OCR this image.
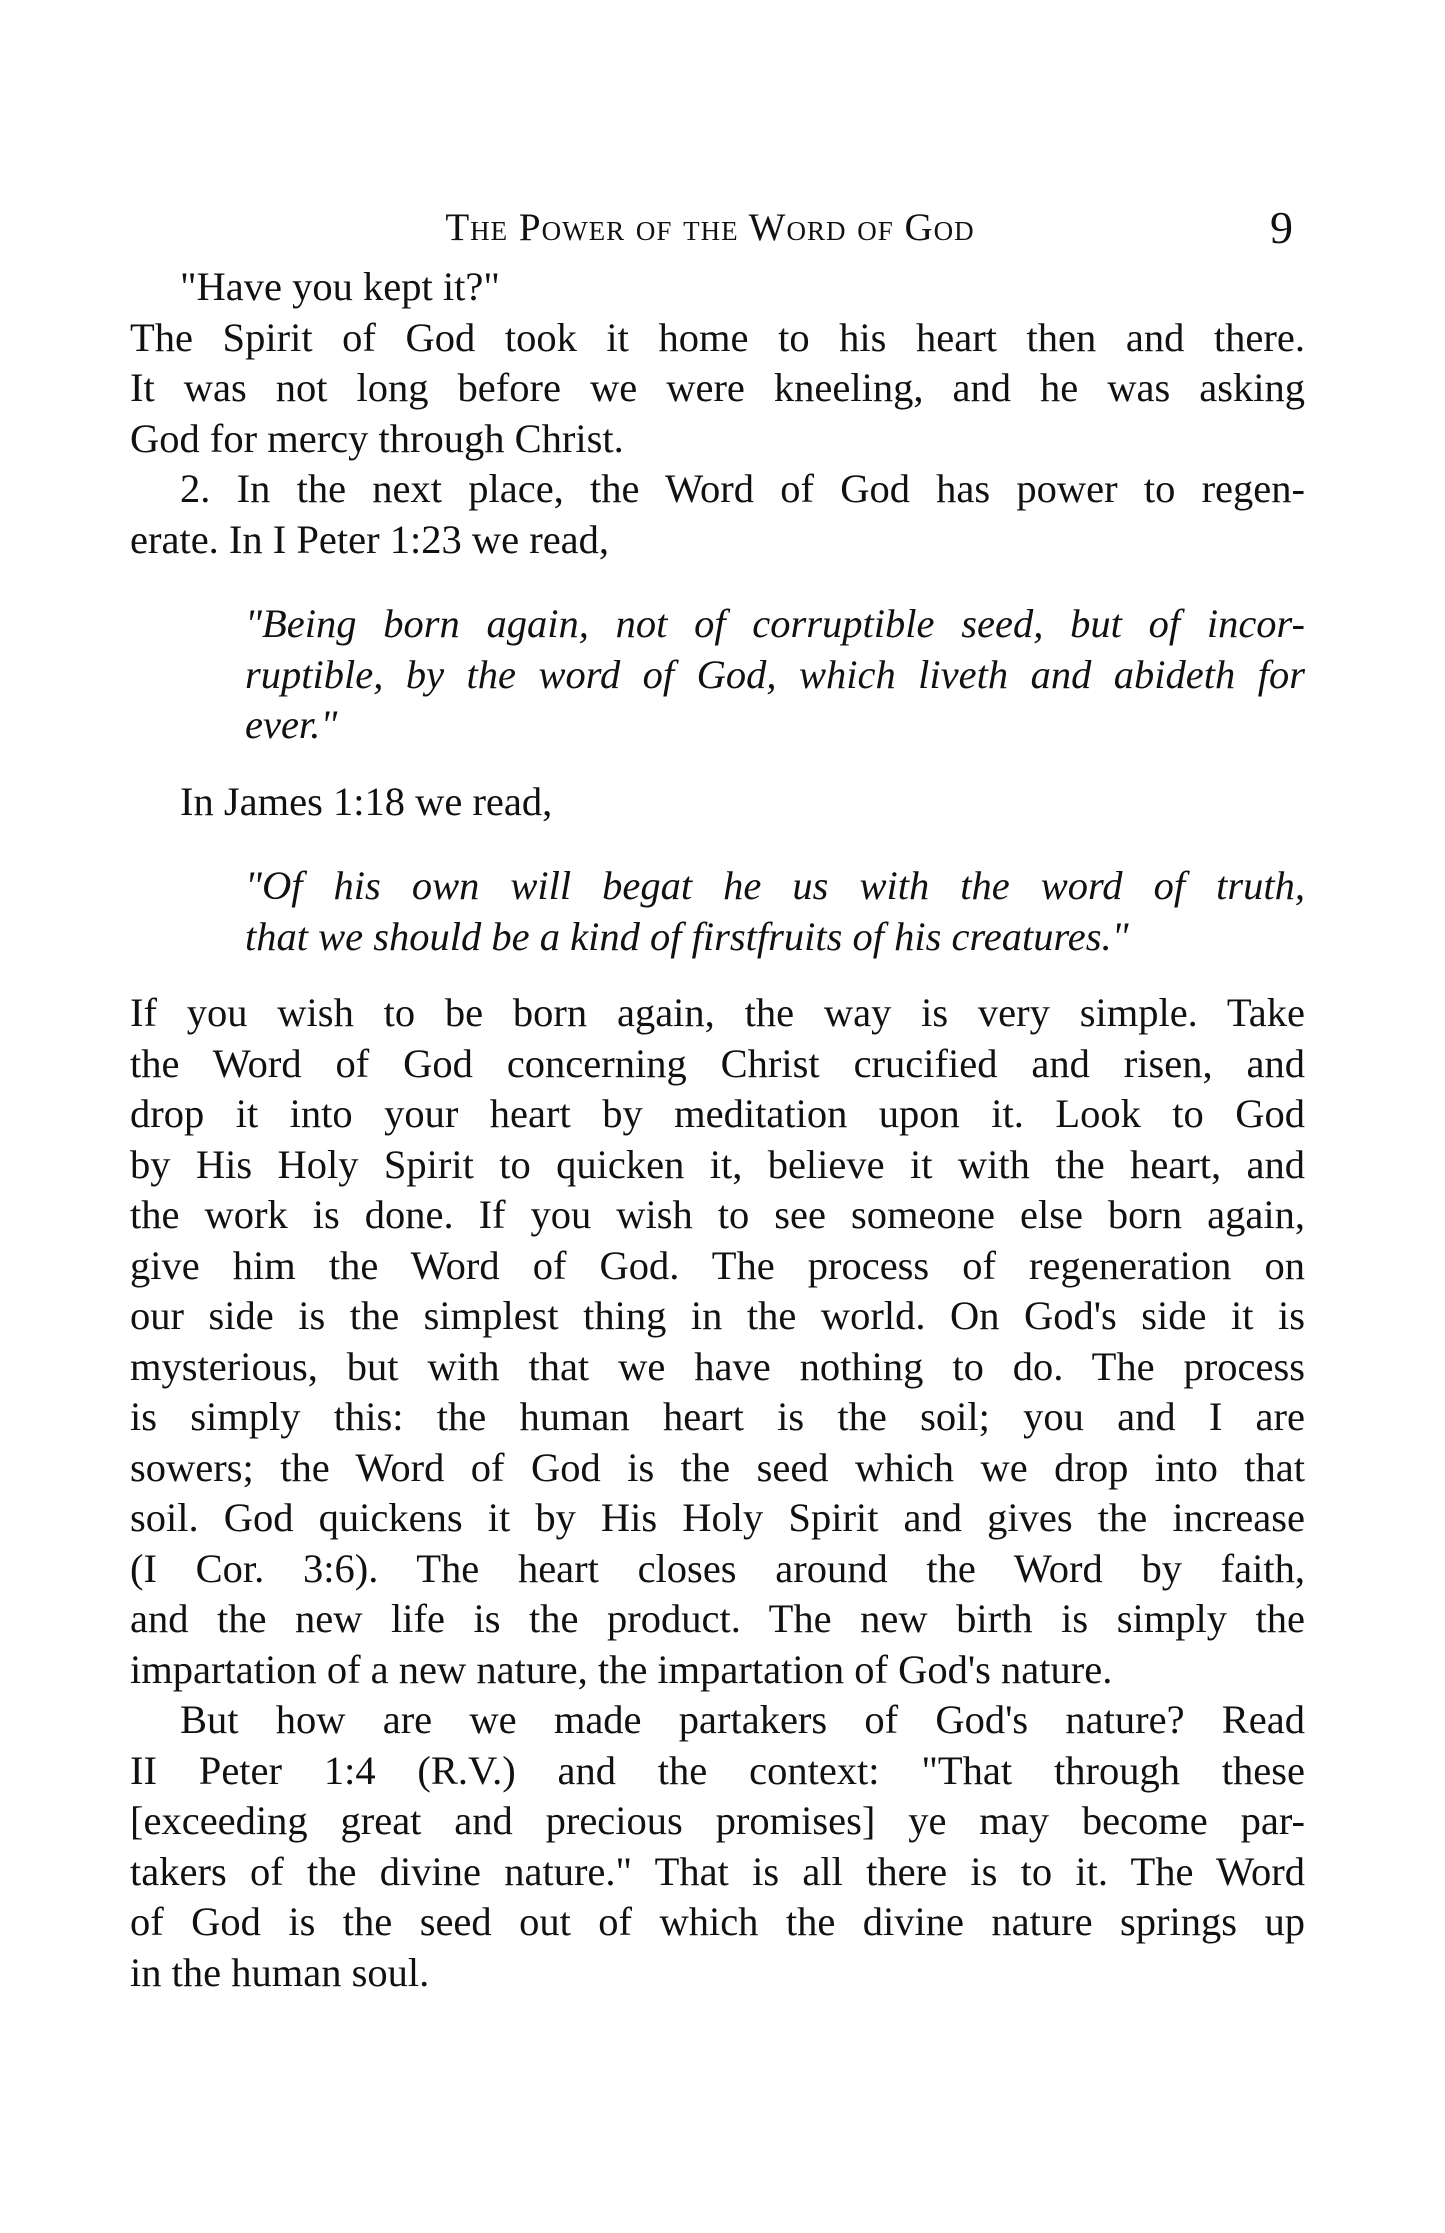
The Power of the Word of God	9
"Have you kept it?"
The Spirit of God took it home to his heart then and there.
It was not long before we were kneeling, and he was asking
God for mercy through Christ.
2. In the next place, the Word of God has power to regen-
erate. In I Peter 1:23 we read,
"Being born again, not of corruptible seed, but of incor-
ruptible, by the word of God, which liveth and abideth for
ever."
In James 1:18 we read,
"Of his own will begat he us with the word of truth,
that we should be a kind of firstfruits of his creatures."
If you wish to be born again, the way is very simple. Take
the Word of God concerning Christ crucified and risen, and
drop it into your heart by meditation upon it. Look to God
by His Holy Spirit to quicken it, believe it with the heart, and
the work is done. If you wish to see someone else born again,
give him the Word of God. The process of regeneration on
our side is the simplest thing in the world. On God's side it is
mysterious, but with that we have nothing to do. The process
is simply this: the human heart is the soil; you and I are
sowers; the Word of God is the seed which we drop into that
soil. God quickens it by His Holy Spirit and gives the increase
(I Cor. 3:6). The heart closes around the Word by faith,
and the new life is the product. The new birth is simply the
impartation of a new nature, the impartation of God's nature.
But how are we made partakers of God's nature? Read
II Peter 1:4 (R.V.) and the context: "That through these
[exceeding great and precious promises] ye may become par-
takers of the divine nature." That is all there is to it. The Word
of God is the seed out of which the divine nature springs up
in the human soul.
